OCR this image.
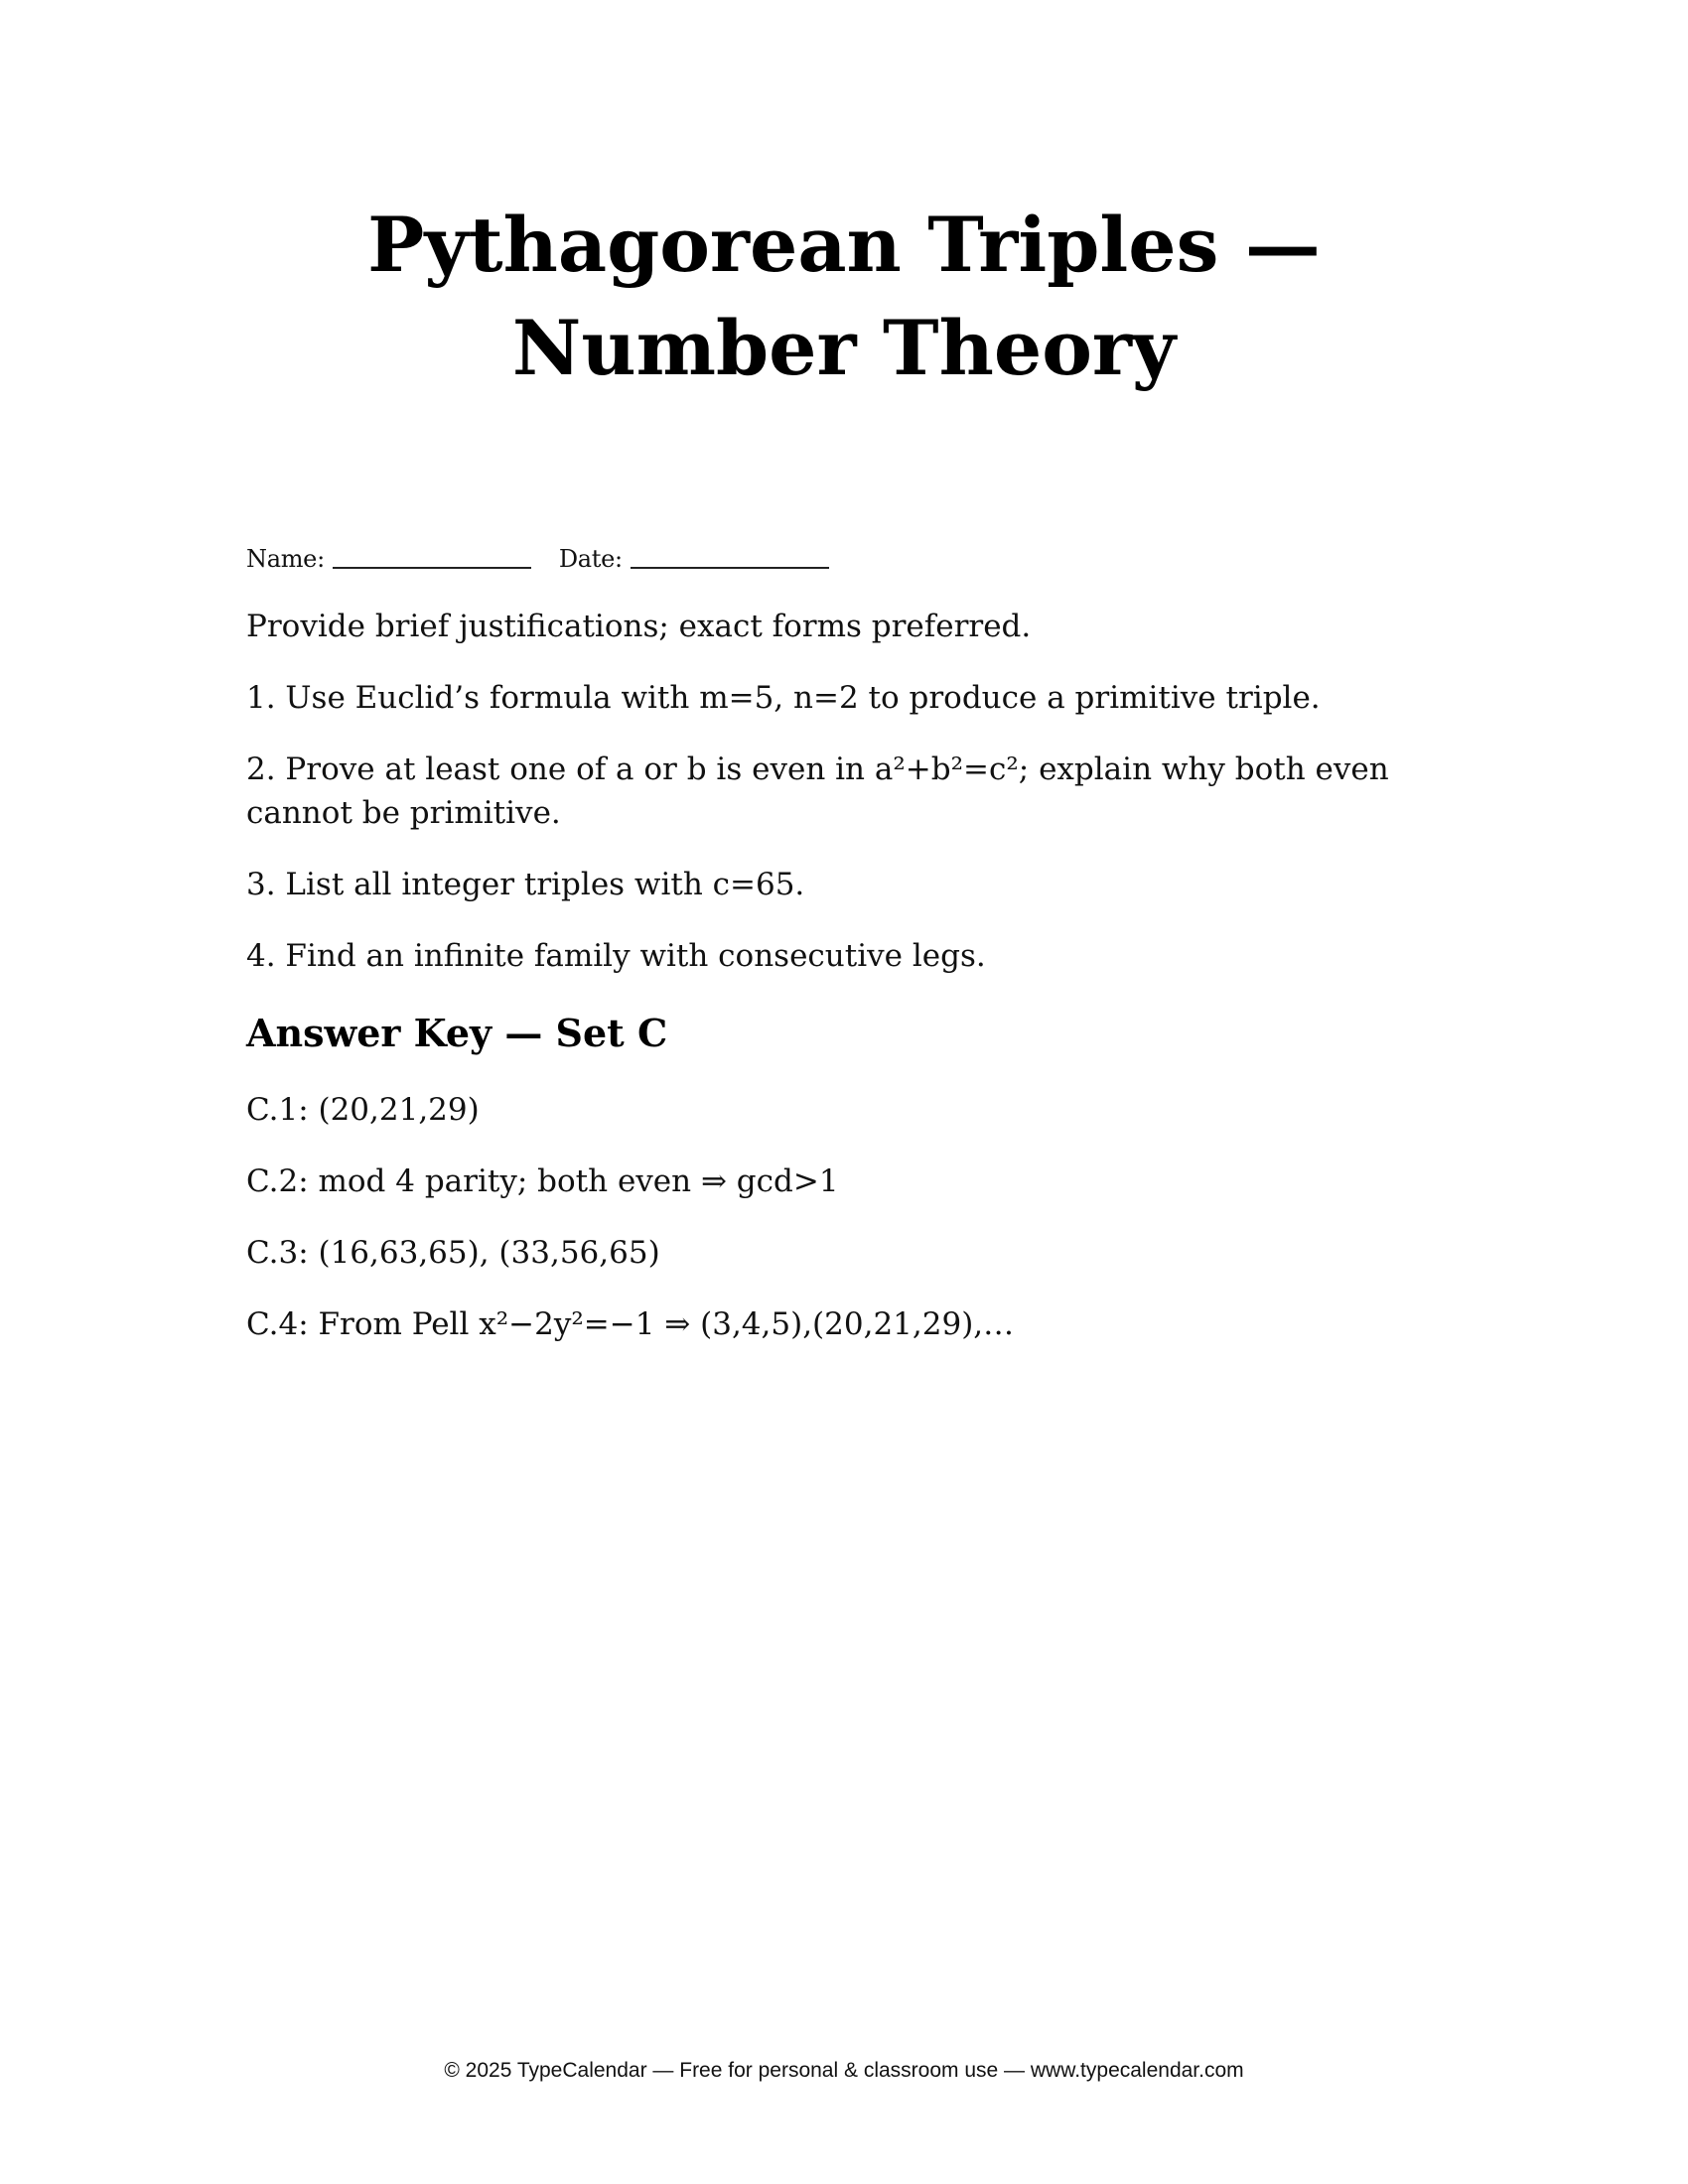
Pythagorean Triples —
Number Theory
Name:	Date:

Provide brief justifications; exact forms preferred.

1. Use Euclid’s formula with m=5, n=2 to produce a primitive triple.

2. Prove at least one of a or b is even in a²+b²=c²; explain why both even cannot be primitive.

3. List all integer triples with c=65.

4. Find an infinite family with consecutive legs.

Answer Key — Set C

C.1: (20,21,29)

C.2: mod 4 parity; both even ⇒ gcd>1

C.3: (16,63,65), (33,56,65)

C.4: From Pell x²−2y²=−1 ⇒ (3,4,5),(20,21,29),…

© 2025 TypeCalendar — Free for personal & classroom use — www.typecalendar.com
